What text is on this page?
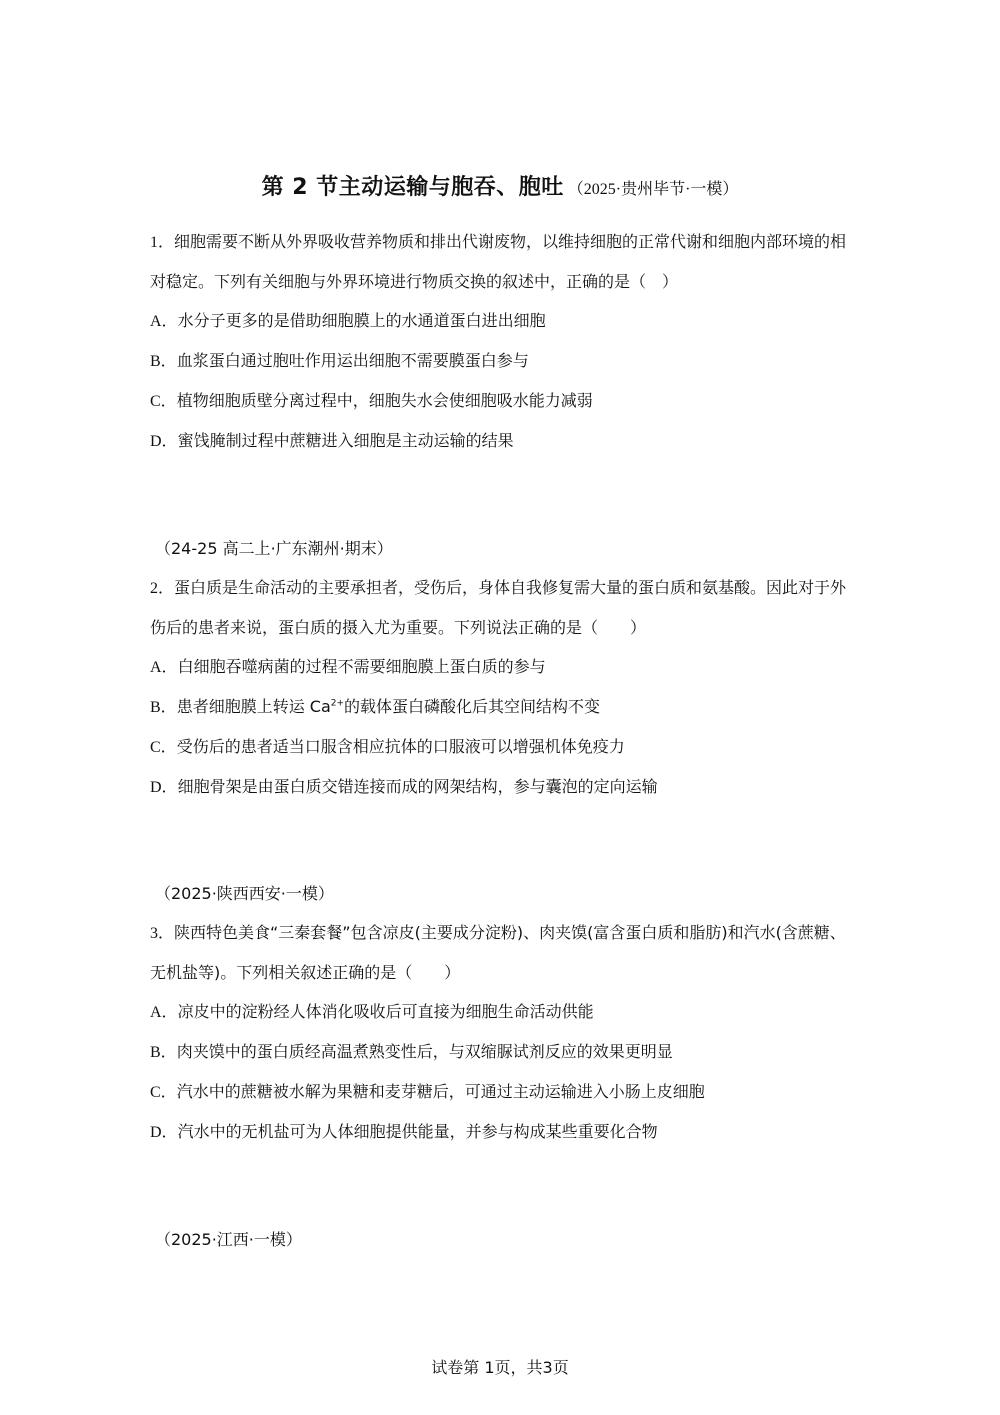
第 2 节主动运输与胞吞、胞吐 （2025·贵州毕节·一模）

1．细胞需要不断从外界吸收营养物质和排出代谢废物，以维持细胞的正常代谢和细胞内部环境的相对稳定。下列有关细胞与外界环境进行物质交换的叙述中，正确的是（　）

A．水分子更多的是借助细胞膜上的水通道蛋白进出细胞

B．血浆蛋白通过胞吐作用运出细胞不需要膜蛋白参与

C．植物细胞质壁分离过程中，细胞失水会使细胞吸水能力减弱

D．蜜饯腌制过程中蔗糖进入细胞是主动运输的结果

（24-25 高二上·广东潮州·期末）

2．蛋白质是生命活动的主要承担者，受伤后，身体自我修复需大量的蛋白质和氨基酸。因此对于外伤后的患者来说，蛋白质的摄入尤为重要。下列说法正确的是（　　）

A．白细胞吞噬病菌的过程不需要细胞膜上蛋白质的参与

B．患者细胞膜上转运 $Ca^{2+}$的载体蛋白磷酸化后其空间结构不变

C．受伤后的患者适当口服含相应抗体的口服液可以增强机体免疫力

D．细胞骨架是由蛋白质交错连接而成的网架结构，参与囊泡的定向运输

（2025·陕西西安·一模）

3．陕西特色美食“三秦套餐”包含凉皮(主要成分淀粉)、肉夹馍(富含蛋白质和脂肪)和汽水(含蔗糖、无机盐等)。下列相关叙述正确的是（　　）

A．凉皮中的淀粉经人体消化吸收后可直接为细胞生命活动供能

B．肉夹馍中的蛋白质经高温煮熟变性后，与双缩脲试剂反应的效果更明显

C．汽水中的蔗糖被水解为果糖和麦芽糖后，可通过主动运输进入小肠上皮细胞

D．汽水中的无机盐可为人体细胞提供能量，并参与构成某些重要化合物

（2025·江西·一模）
试卷第 1页，共3页
